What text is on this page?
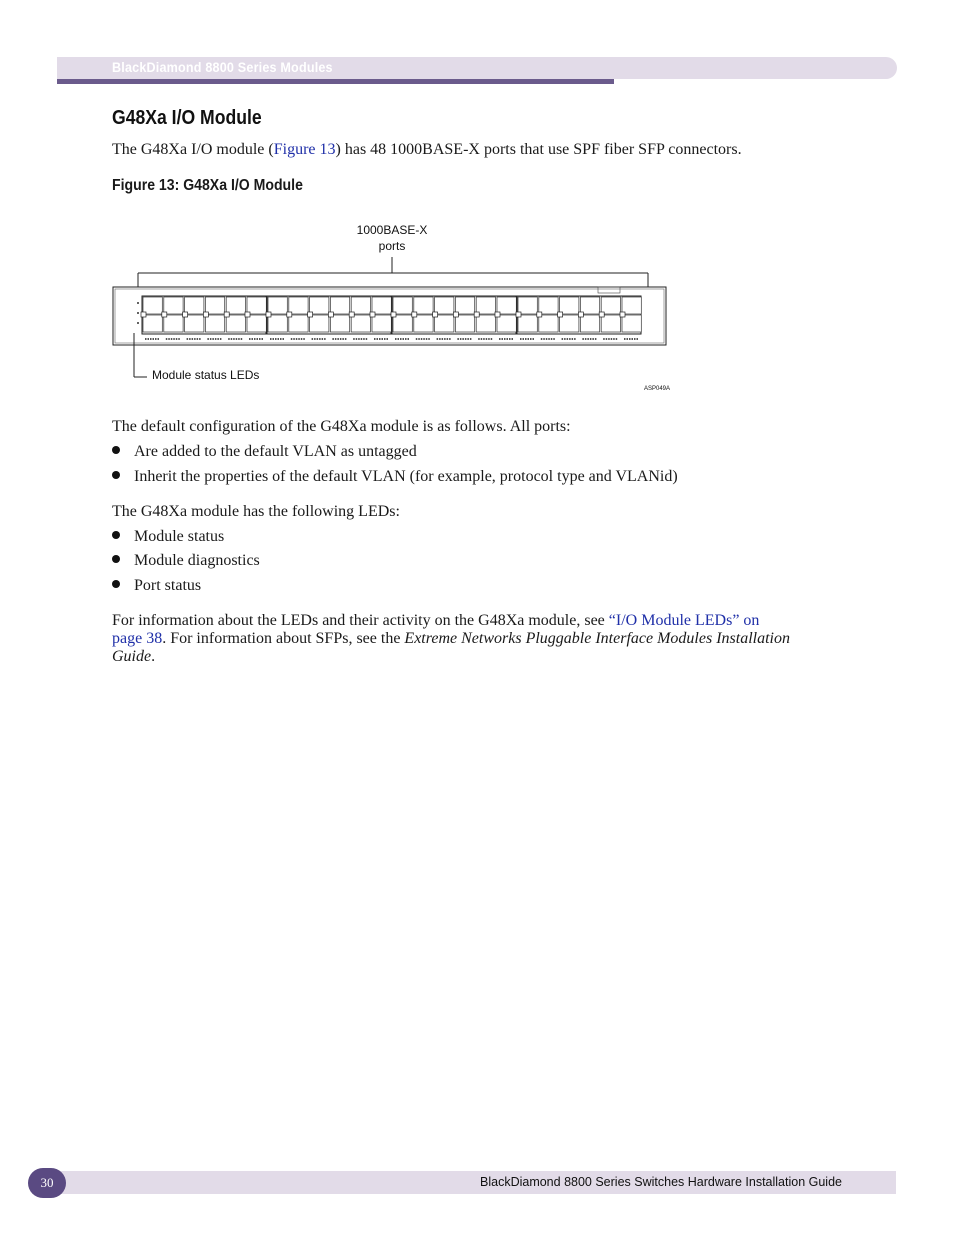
BlackDiamond 8800 Series Modules
G48Xa I/O Module
The G48Xa I/O module (Figure 13) has 48 1000BASE-X ports that use SPF fiber SFP connectors.
Figure 13: G48Xa I/O Module
1000BASE-X
ports
Module status LEDs
ASP049A
The default configuration of the G48Xa module is as follows. All ports:
Are added to the default VLAN as untagged
Inherit the properties of the default VLAN (for example, protocol type and VLANid)
The G48Xa module has the following LEDs:
Module status
Module diagnostics
Port status
For information about the LEDs and their activity on the G48Xa module, see “I/O Module LEDs” on
page 38. For information about SFPs, see the Extreme Networks Pluggable Interface Modules Installation
Guide.
30	BlackDiamond 8800 Series Switches Hardware Installation Guide
